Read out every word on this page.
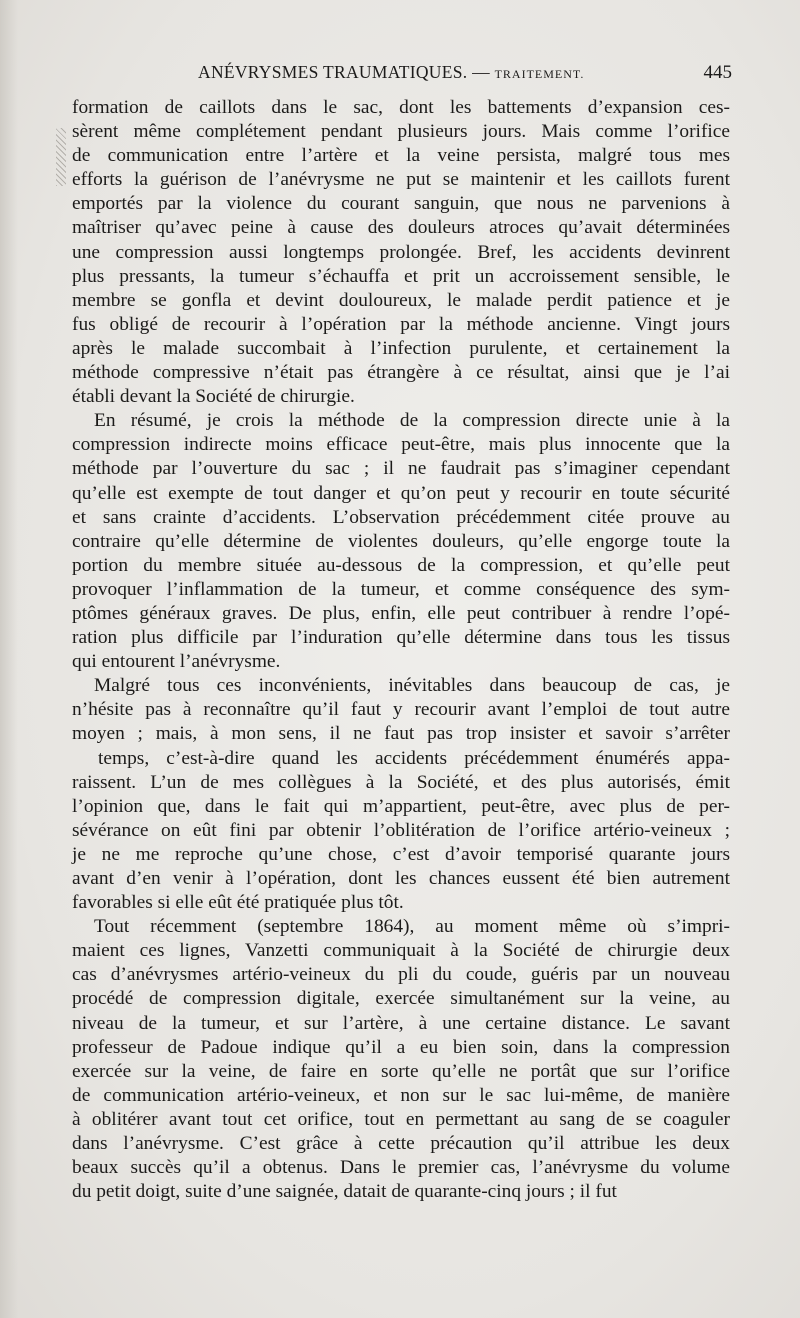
ANÉVRYSMES TRAUMATIQUES. — TRAITEMENT.	445
formation de caillots dans le sac, dont les battements d’expansion ces-
sèrent même complétement pendant plusieurs jours. Mais comme l’orifice
de communication entre l’artère et la veine persista, malgré tous mes
efforts la guérison de l’anévrysme ne put se maintenir et les caillots furent
emportés par la violence du courant sanguin, que nous ne parvenions à
maîtriser qu’avec peine à cause des douleurs atroces qu’avait déterminées
une compression aussi longtemps prolongée. Bref, les accidents devinrent
plus pressants, la tumeur s’échauffa et prit un accroissement sensible, le
membre se gonfla et devint douloureux, le malade perdit patience et je
fus obligé de recourir à l’opération par la méthode ancienne. Vingt jours
après le malade succombait à l’infection purulente, et certainement la
méthode compressive n’était pas étrangère à ce résultat, ainsi que je l’ai
établi devant la Société de chirurgie.
En résumé, je crois la méthode de la compression directe unie à la
compression indirecte moins efficace peut-être, mais plus innocente que la
méthode par l’ouverture du sac ; il ne faudrait pas s’imaginer cependant
qu’elle est exempte de tout danger et qu’on peut y recourir en toute sécurité
et sans crainte d’accidents. L’observation précédemment citée prouve au
contraire qu’elle détermine de violentes douleurs, qu’elle engorge toute la
portion du membre située au-dessous de la compression, et qu’elle peut
provoquer l’inflammation de la tumeur, et comme conséquence des sym-
ptômes généraux graves. De plus, enfin, elle peut contribuer à rendre l’opé-
ration plus difficile par l’induration qu’elle détermine dans tous les tissus
qui entourent l’anévrysme.
Malgré tous ces inconvénients, inévitables dans beaucoup de cas, je
n’hésite pas à reconnaître qu’il faut y recourir avant l’emploi de tout autre
moyen ; mais, à mon sens, il ne faut pas trop insister et savoir s’arrêter
temps, c’est-à-dire quand les accidents précédemment énumérés appa-
raissent. L’un de mes collègues à la Société, et des plus autorisés, émit
l’opinion que, dans le fait qui m’appartient, peut-être, avec plus de per-
sévérance on eût fini par obtenir l’oblitération de l’orifice artério-veineux ;
je ne me reproche qu’une chose, c’est d’avoir temporisé quarante jours
avant d’en venir à l’opération, dont les chances eussent été bien autrement
favorables si elle eût été pratiquée plus tôt.
Tout récemment (septembre 1864), au moment même où s’impri-
maient ces lignes, Vanzetti communiquait à la Société de chirurgie deux
cas d’anévrysmes artério-veineux du pli du coude, guéris par un nouveau
procédé de compression digitale, exercée simultanément sur la veine, au
niveau de la tumeur, et sur l’artère, à une certaine distance. Le savant
professeur de Padoue indique qu’il a eu bien soin, dans la compression
exercée sur la veine, de faire en sorte qu’elle ne portât que sur l’orifice
de communication artério-veineux, et non sur le sac lui-même, de manière
à oblitérer avant tout cet orifice, tout en permettant au sang de se coaguler
dans l’anévrysme. C’est grâce à cette précaution qu’il attribue les deux
beaux succès qu’il a obtenus. Dans le premier cas, l’anévrysme du volume
du petit doigt, suite d’une saignée, datait de quarante-cinq jours ; il fut
